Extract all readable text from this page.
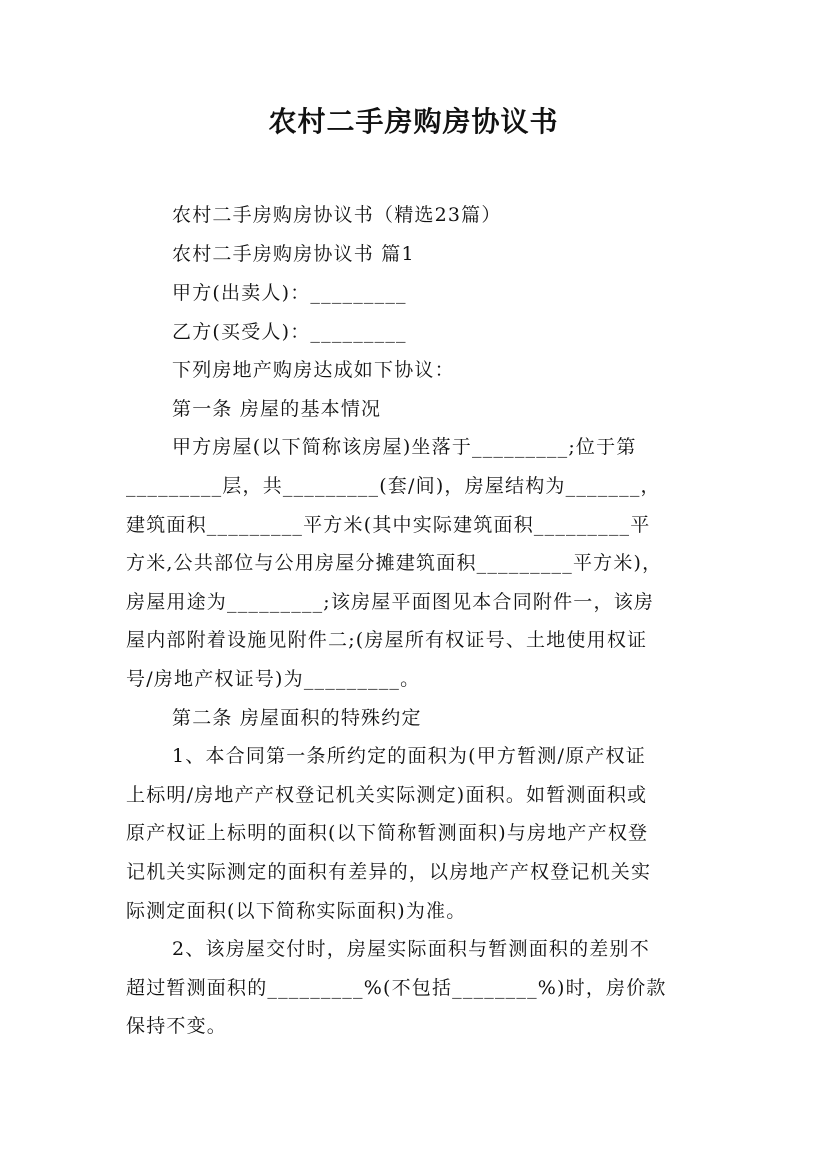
农村二手房购房协议书
农村二手房购房协议书（精选23篇）
农村二手房购房协议书 篇1
甲方(出卖人)：_________
乙方(买受人)：_________
下列房地产购房达成如下协议：
第一条 房屋的基本情况
甲方房屋(以下简称该房屋)坐落于_________;位于第
_________层，共_________(套/间)，房屋结构为_______，
建筑面积_________平方米(其中实际建筑面积_________平
方米,公共部位与公用房屋分摊建筑面积_________平方米)，
房屋用途为_________;该房屋平面图见本合同附件一，该房
屋内部附着设施见附件二;(房屋所有权证号、土地使用权证
号/房地产权证号)为_________。
第二条 房屋面积的特殊约定
1、本合同第一条所约定的面积为(甲方暂测/原产权证
上标明/房地产产权登记机关实际测定)面积。如暂测面积或
原产权证上标明的面积(以下简称暂测面积)与房地产产权登
记机关实际测定的面积有差异的，以房地产产权登记机关实
际测定面积(以下简称实际面积)为准。
2、该房屋交付时，房屋实际面积与暂测面积的差别不
超过暂测面积的_________%(不包括________%)时，房价款
保持不变。
